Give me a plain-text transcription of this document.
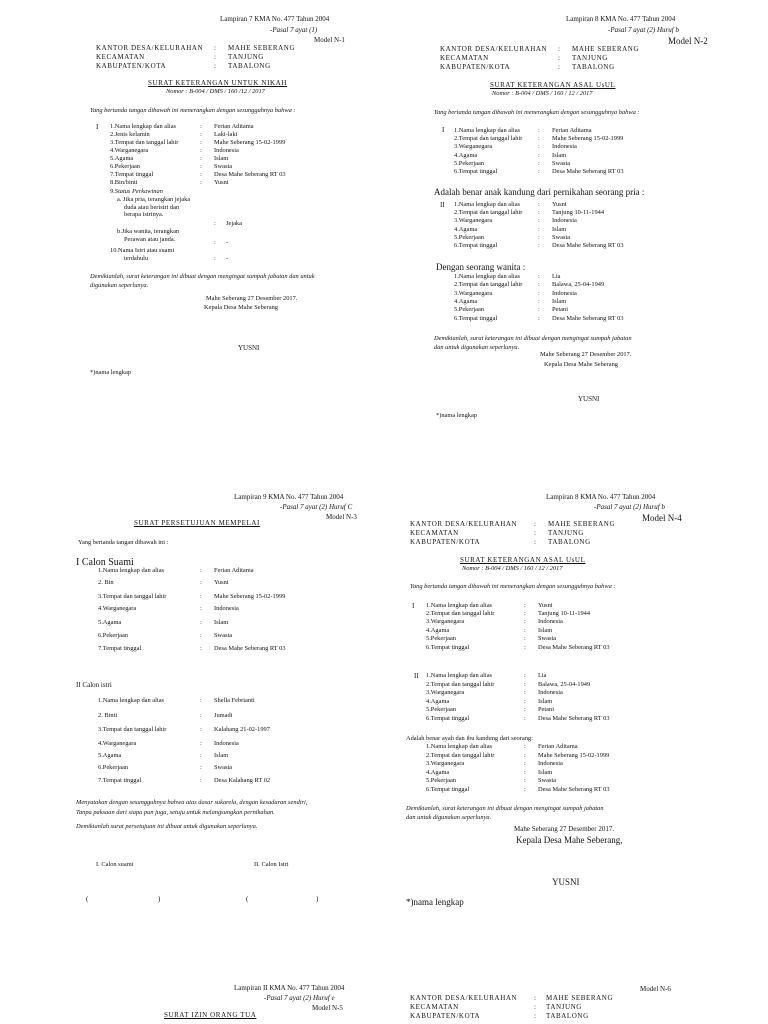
Lampiran 7 KMA No. 477 Tahun 2004
-Pasal 7 ayat (1)
Model N-1
KANTOR DESA/KELURAHAN : MAHE SEBERANG
KECAMATAN	: TANJUNG
KABUPATEN/KOTA	: TABALONG
SURAT KETERANGAN UNTUK NIKAH
Nomor : B-004 / DMS / 160 /12 / 2017
Yang bertanda tangan dibawah ini menerangkan dengan sesungguhnya bahwa :
I 1.Nama lengkap dan alias	: Ferian Aditama
2.Jenis kelamin	: Laki-laki
3.Tempat dan tanggal lahir	: Mahe Seberang 15-02-1999
4.Warganegara	: Indonesia
5.Agama	: Islam
6.Pekerjaan	: Swasta
7.Tempat tinggal	: Desa Mahe Seberang RT 03
8.Bin/binti	: Yusni
9.Status Perkawinan
a. Jika pria, terangkan jejaka
duda atau beristri dan
berapa istrinya.
: Jejaka
b.Jika wanita, terangkan
Perawan atau janda.	: -
10.Nama Istri atau suami
terdahulu	: -
Demikianlah, surat keterangan ini dibuat dengan mengingat sumpah jabatan dan untuk
digunakan seperlunya.
Mahe Seberang 27 Desember 2017.
Kepala Desa Mahe Seberang
YUSNI
*)nama lengkap
Lampiran 8 KMA No. 477 Tahun 2004
-Pasal 7 ayat (2) Huruf b
Model N-2
KANTOR DESA/KELURAHAN : MAHE SEBERANG
KECAMATAN	: TANJUNG
KABUPATEN/KOTA	: TABALONG
SURAT KETERANGAN ASAL UsUL
Nomor : B-004 / DMS / 160 / 12 / 2017
Yang bertanda tangan dibawah ini menerangkan dengan sesungguhnya bahwa :
I 1.Nama lengkap dan alias	: Ferian Aditama
2.Tempat dan tanggal lahir : Mahe Seberang 15-02-1999
3.Warganegara	: Indonesia
4.Agama	: Islam
5.Pekerjaan	: Swasta
6.Tempat tinggal	: Desa Mahe Seberang RT 03
Adalah benar anak kandung dari pernikahan seorang pria :
II 1.Nama lengkap dan alias	: Yusni
2.Tempat dan tanggal lahir : Tanjung 10-11-1944
3.Warganegara	: Indonesia
4.Agama	: Islam
5.Pekerjaan	: Swasta
6.Tempat tinggal	: Desa Mahe Seberang RT 03
Dengan seorang wanita :
1.Nama lengkap dan alias	: Lia
2.Tempat dan tanggal lahir : Balawa, 25-04-1949
3.Warganegara	: Indonesia
4.Agama	: Islam
5.Pekerjaan	: Petani
6.Tempat tinggal	: Desa Mahe Seberang RT 03
Demikianlah, surat keterangan ini dibuat dengan mengingat sumpah jabatan
dan untuk digunakan seperlunya.
Mahe Seberang 27 Desember 2017.
Kepala Desa Mahe Seberang
YUSNI
*)nama lengkap
Lampiran 9 KMA No. 477 Tahun 2004
-Pasal 7 ayat (2) Huruf C
Model N-3
SURAT PERSETUJUAN MEMPELAI
Yang bertanda tangan dibawah ini :
I Calon Suami
1.Nama lengkap dan alias	: Ferian Aditama
2. Bin	: Yusni
3.Tempat dan tanggal lahir	: Mahe Seberang 15-02-1999
4.Warganegara	: Indonesia
5.Agama	: Islam
6.Pekerjaan	: Swasta
7.Tempat tinggal	: Desa Mahe Seberang RT 03
II Calon istri
1.Nama lengkap dan alias	: Shella Febrianti
2. Binti	: Jumadi
3.Tempat dan tanggal lahir	: Kalahang 21-02-1997
4.Warganegara	: Indonesia
5.Agama	: Islam
6.Pekerjaan	: Swasta
7.Tempat tinggal	: Desa Kalahang RT 02
Menyatakan dengan sesungguhnya bahwa atas dasar sukarela, dengan kesadaran sendiri,
Tanpa paksaan dari siapa pun juga, setuju untuk melangsungkan pernikahan.
Demikianlah surat persetujuan ini dibuat untuk digunakan seperlunya.
I. Calon suami	II. Calon Istri
(	)	(	)
Lampiran 8 KMA No. 477 Tahun 2004
-Pasal 7 ayat (2) Huruf b
Model N-4
KANTOR DESA/KELURAHAN : MAHE SEBERANG
KECAMATAN	: TANJUNG
KABUPATEN/KOTA	: TABALONG
SURAT KETERANGAN ASAL UsUL
Nomor : B-004 / DMS / 160 / 12 / 2017
Yang bertanda tangan dibawah ini menerangkan dengan sesungguhnya bahwa :
I 1.Nama lengkap dan alias	: Yusni
2.Tempat dan tanggal lahir	: Tanjung 10-11-1944
3.Warganegara	: Indonesia
4.Agama	: Islam
5.Pekerjaan	: Swasta
6.Tempat tinggal	: Desa Mahe Seberang RT 03
II 1.Nama lengkap dan alias	: Lia
2.Tempat dan tanggal lahir	: Balawa, 25-04-1949
3.Warganegara	: Indonesia
4.Agama	: Islam
5.Pekerjaan	: Petani
6.Tempat tinggal	: Desa Mahe Seberang RT 03
Adalah benar ayah dan ibu kandung dari seorang:
1.Nama lengkap dan alias	: Ferian Aditama
2.Tempat dan tanggal lahir	: Mahe Seberang 15-02-1999
3.Warganegara	: Indonesia
4.Agama	: Islam
5.Pekerjaan	: Swasta
6.Tempat tinggal	: Desa Mahe Seberang RT 03
Demikianlah, surat keterangan ini dibuat dengan mengingat sumpah jabatan
dan untuk digunakan seperlunya.
Mahe Seberang 27 Desember 2017.
Kepala Desa Mahe Seberang,
YUSNI
*)nama lengkap
Lampiran II KMA No. 477 Tahun 2004
-Pasal 7 ayat (2) Huruf e
Model N-5
SURAT IZIN ORANG TUA
Model N-6
KANTOR DESA/KELURAHAN : MAHE SEBERANG
KECAMATAN	: TANJUNG
KABUPATEN/KOTA	: TABALONG
